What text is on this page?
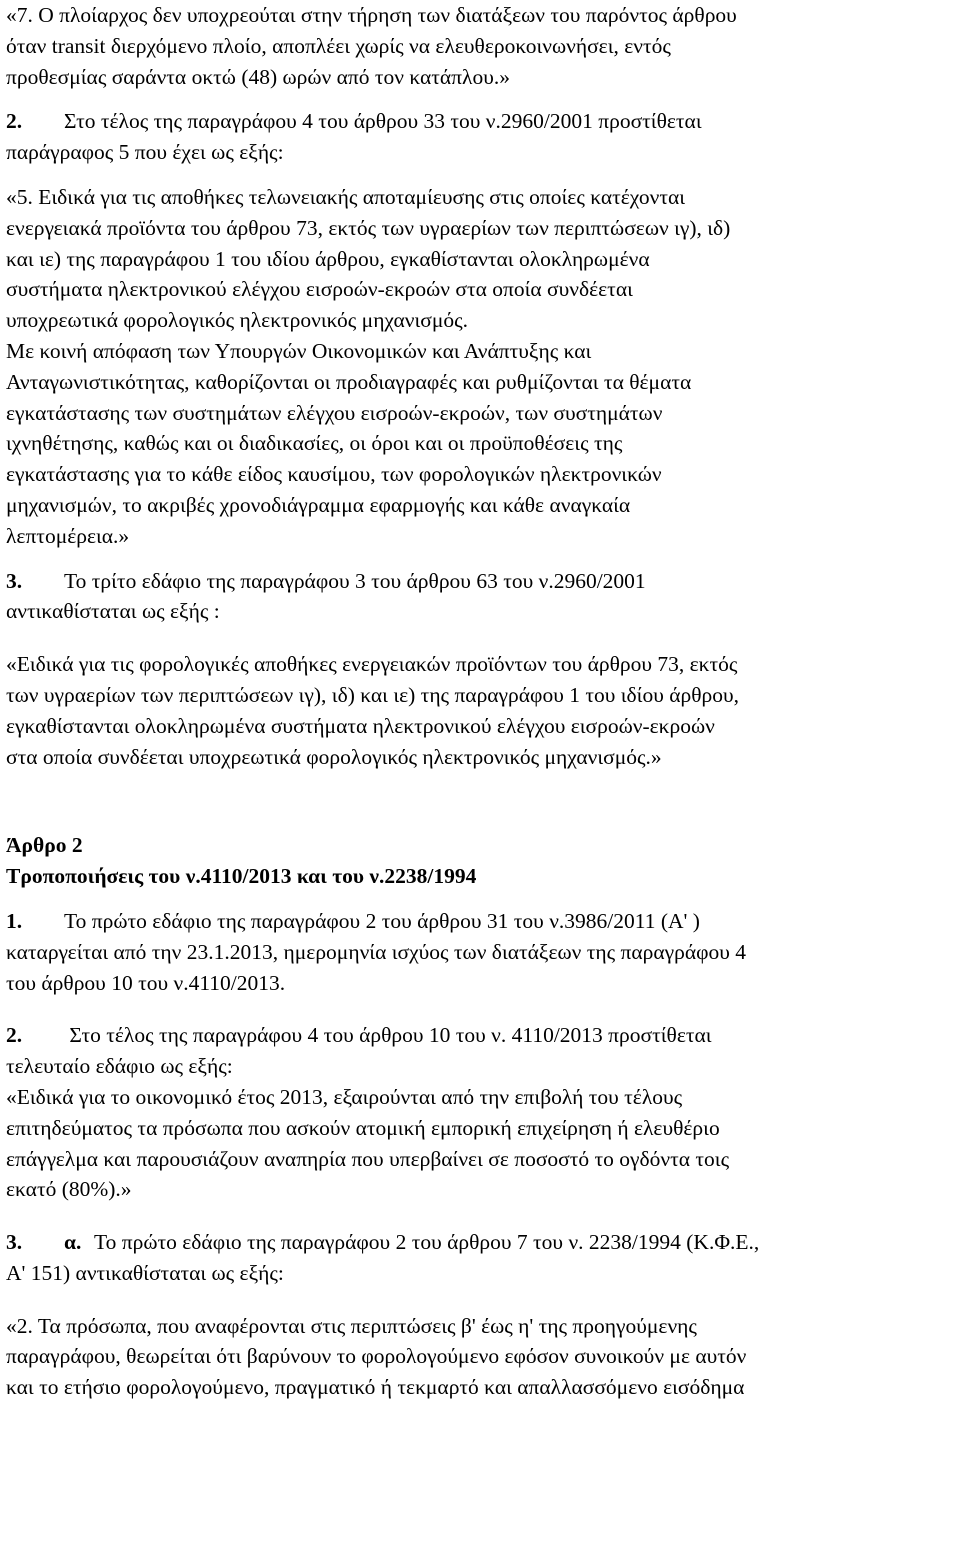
«7. Ο πλοίαρχος δεν υποχρεούται στην τήρηση των διατάξεων του παρόντος άρθρου
όταν transit διερχόμενο πλοίο, αποπλέει χωρίς να ελευθεροκοινωνήσει, εντός
προθεσμίας σαράντα οκτώ (48) ωρών από τον κατάπλου.»
2. Στο τέλος της παραγράφου 4 του άρθρου 33 του ν.2960/2001 προστίθεται
παράγραφος 5 που έχει ως εξής:
«5. Ειδικά για τις αποθήκες τελωνειακής αποταμίευσης στις οποίες κατέχονται
ενεργειακά προϊόντα του άρθρου 73, εκτός των υγραερίων των περιπτώσεων ιγ), ιδ)
και ιε) της παραγράφου 1 του ιδίου άρθρου, εγκαθίστανται ολοκληρωμένα
συστήματα ηλεκτρονικού ελέγχου εισροών-εκροών στα οποία συνδέεται
υποχρεωτικά φορολογικός ηλεκτρονικός μηχανισμός.
Με κοινή απόφαση των Υπουργών Οικονομικών και Ανάπτυξης και
Ανταγωνιστικότητας, καθορίζονται οι προδιαγραφές και ρυθμίζονται τα θέματα
εγκατάστασης των συστημάτων ελέγχου εισροών-εκροών, των συστημάτων
ιχνηθέτησης, καθώς και οι διαδικασίες, οι όροι και οι προϋποθέσεις της
εγκατάστασης για το κάθε είδος καυσίμου, των φορολογικών ηλεκτρονικών
μηχανισμών, το ακριβές χρονοδιάγραμμα εφαρμογής και κάθε αναγκαία
λεπτομέρεια.»
3. Το τρίτο εδάφιο της παραγράφου 3 του άρθρου 63 του ν.2960/2001
αντικαθίσταται ως εξής :
«Ειδικά για τις φορολογικές αποθήκες ενεργειακών προϊόντων του άρθρου 73, εκτός
των υγραερίων των περιπτώσεων ιγ), ιδ) και ιε) της παραγράφου 1 του ιδίου άρθρου,
εγκαθίστανται ολοκληρωμένα συστήματα ηλεκτρονικού ελέγχου εισροών-εκροών
στα οποία συνδέεται υποχρεωτικά φορολογικός ηλεκτρονικός μηχανισμός.»
Άρθρο 2
Τροποποιήσεις του ν.4110/2013 και του ν.2238/1994
1. Το πρώτο εδάφιο της παραγράφου 2 του άρθρου 31 του ν.3986/2011 (Α' )
καταργείται από την 23.1.2013, ημερομηνία ισχύος των διατάξεων της παραγράφου 4
του άρθρου 10 του ν.4110/2013.
2. Στο τέλος της παραγράφου 4 του άρθρου 10 του ν. 4110/2013 προστίθεται
τελευταίο εδάφιο ως εξής:
«Ειδικά για το οικονομικό έτος 2013, εξαιρούνται από την επιβολή του τέλους
επιτηδεύματος τα πρόσωπα που ασκούν ατομική εμπορική επιχείρηση ή ελευθέριο
επάγγελμα και παρουσιάζουν αναπηρία που υπερβαίνει σε ποσοστό το ογδόντα τοις
εκατό (80%).»
3. α. Το πρώτο εδάφιο της παραγράφου 2 του άρθρου 7 του ν. 2238/1994 (Κ.Φ.Ε.,
Α' 151) αντικαθίσταται ως εξής:
«2. Τα πρόσωπα, που αναφέρονται στις περιπτώσεις β' έως η' της προηγούμενης
παραγράφου, θεωρείται ότι βαρύνουν το φορολογούμενο εφόσον συνοικούν με αυτόν
και το ετήσιο φορολογούμενο, πραγματικό ή τεκμαρτό και απαλλασσόμενο εισόδημα
